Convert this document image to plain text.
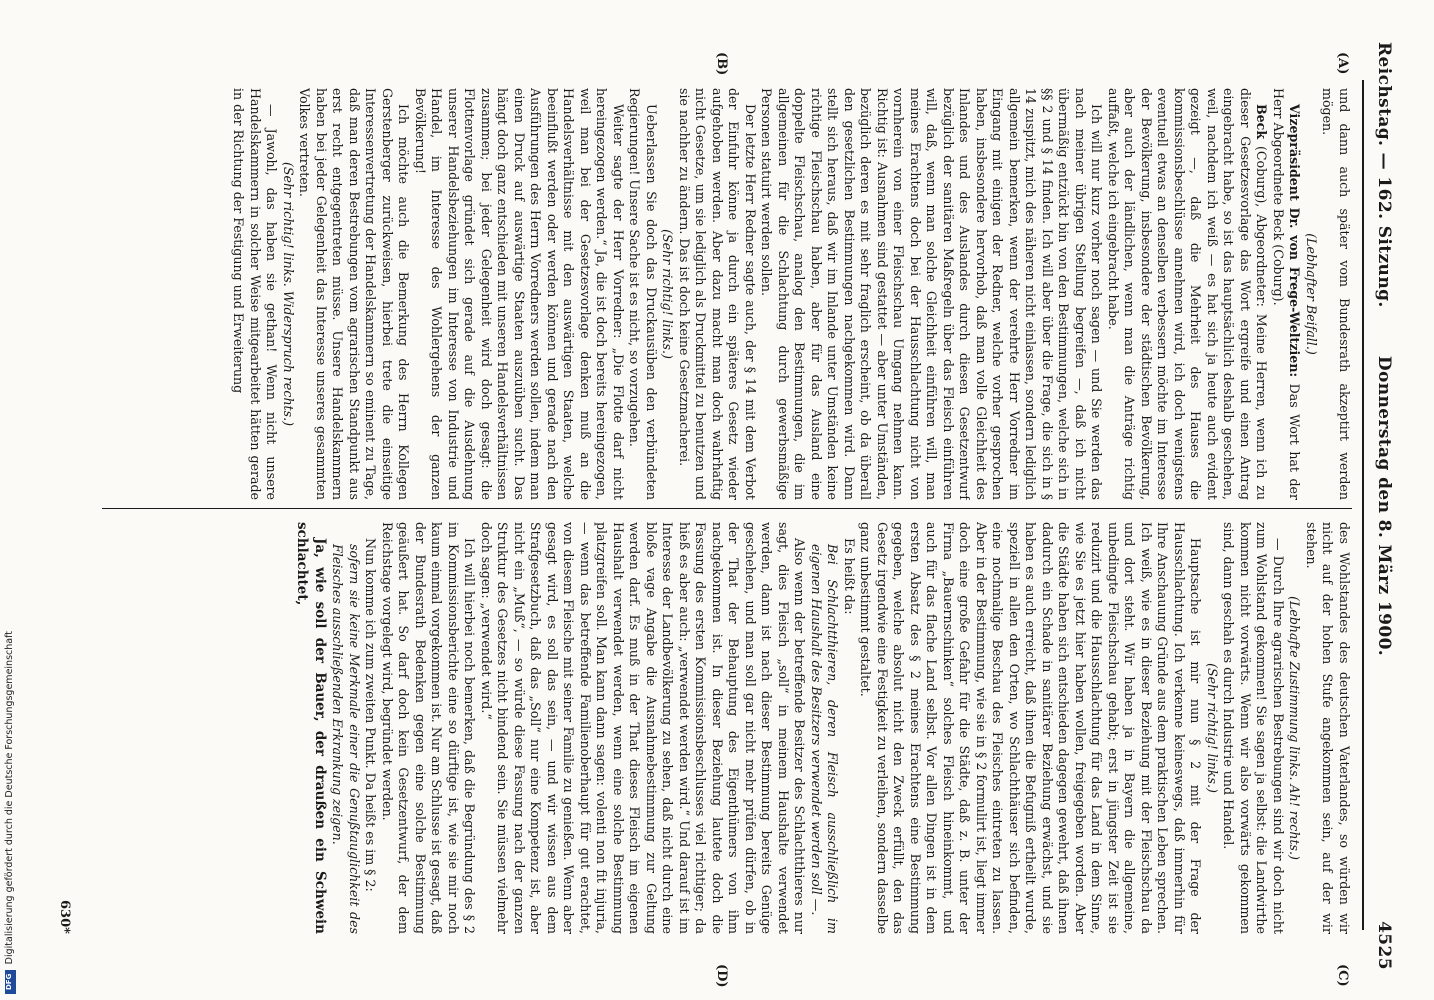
Reichstag. — 162. Sitzung.
Donnerstag den 8. März 1900.
4525
(A)
(B)
(C)
(D)

und dann auch später vom Bundesrath akzeptirt werden mögen.

(Lebhafter Beifall.)

Vizepräsident Dr. von Frege-Weltzien: Das Wort hat der Herr Abgeordnete Beck (Coburg).

Beck (Coburg), Abgeordneter: Meine Herren, wenn ich zu dieser Gesetzesvorlage das Wort ergreife und einen Antrag eingebracht habe, so ist das hauptsächlich deshalb geschehen, weil, nachdem ich weiß — es hat sich ja heute auch evident gezeigt —, daß die Mehrheit des Hauses die kommissionsbeschlüsse annehmen wird, ich doch wenigstens eventuell etwas an denselben verbessern möchte im Interesse der Bevölkerung, insbesondere der städtischen Bevölkerung, aber auch der ländlichen, wenn man die Anträge richtig auffaßt, welche ich eingebracht habe.

Ich will nur kurz vorher noch sagen — und Sie werden das nach meiner übrigen Stellung begreifen —, daß ich nicht übermäßig entzückt bin von den Bestimmungen, welche sich in §§ 2 und § 14 finden. Ich will aber über die Frage, die sich in § 14 zuspitzt, mich des näheren nicht einlassen, sondern lediglich allgemein bemerken, wenn der verehrte Herr Vorredner im Eingang mit einigen der Redner, welche vorher gesprochen haben, insbesondere hervorhob, daß man volle Gleichheit des Inlandes und des Auslandes durch diesen Gesetzentwurf bezüglich der sanitären Maßregeln über das Fleisch einführen will, daß, wenn man solche Gleichheit einführen will, man meines Erachtens doch bei der Hausschlachtung nicht von vornherein von einer Fleischschau Umgang nehmen kann. Richtig ist: Ausnahmen sind gestattet — aber unter Umständen, bezüglich deren es mit sehr fraglich erscheint, ob da überall den gesetzlichen Bestimmungen nachgekommen wird. Dann stellt sich heraus, daß wir im Inlande unter Umständen keine richtige Fleischschau haben, aber für das Ausland eine doppelte Fleischschau, analog den Bestimmungen, die im allgemeinen für die Schlachtung durch gewerbsmäßige Personen statuirt werden sollen.

Der letzte Herr Redner sagte auch, der § 14 mit dem Verbot der Einfuhr könne ja durch ein späteres Gesetz wieder aufgehoben werden. Aber dazu macht man doch wahrhaftig nicht Gesetze, um sie lediglich als Druckmittel zu benutzen und sie nachher zu ändern. Das ist doch keine Gesetzmacherei.

(Sehr richtig! links.)

Ueberlassen Sie doch das Druckausüben den verbündeten Regierungen! Unsere Sache ist es nicht, so vorzugehen.

Weiter sagte der Herr Vorredner: „Die Flotte darf nicht hereingezogen werden.“ Ja, die ist doch bereits hereingezogen, weil man bei der Gesetzesvorlage denken muß an die Handelsverhältnisse mit den auswärtigen Staaten, welche beeinflußt werden oder werden können und gerade nach den Ausführungen des Herrn Vorredners werden sollen, indem man einen Druck auf auswärtige Staaten auszuüben sucht. Das hängt doch ganz entschieden mit unseren Handelsverhältnissen zusammen; bei jeder Gelegenheit wird doch gesagt: die Flottenvorlage gründet sich gerade auf die Ausdehnung unserer Handelsbeziehungen im Interesse von Industrie und Handel, im Interesse des Wohlergehens der ganzen Bevölkerung!

Ich möchte auch die Bemerkung des Herrn Kollegen Gerstenberger zurückweisen, hierbei trete die einseitige Interessenvertretung der Handelskammern so eminent zu Tage, daß man deren Bestrebungen vom agrarischen Standpunkt aus erst recht entgegentreten müsse. Unsere Handelskammern haben bei jeder Gelegenheit das Interesse unseres gesammten Volkes vertreten.

(Sehr richtig! links. Widerspruch rechts.)

— Jawohl, das haben sie gethan! Wenn nicht unsere Handelskammern in solcher Weise mitgearbeitet hätten gerade in der Richtung der Festigung und Erweiterung

des Wohlstandes des deutschen Vaterlandes, so würden wir nicht auf der hohen Stufe angekommen sein, auf der wir stehen.

(Lebhafte Zustimmung links. Ah! rechts.)

— Durch Ihre agrarischen Bestrebungen sind wir doch nicht zum Wohlstand gekommen! Sie sagen ja selbst: die Landwirthe kommen nicht vorwärts. Wenn wir also vorwärts gekommen sind, dann geschah es durch Industrie und Handel.

(Sehr richtig! links.)

Hauptsache ist mir nun § 2 mit der Frage der Hausschlachtung. Ich verkenne keineswegs, daß immerhin für Ihre Anschauung Gründe aus dem praktischen Leben sprechen. Ich weiß, wie es in dieser Beziehung mit der Fleischschau da und dort steht. Wir haben ja in Bayern die allgemeine, unbedingte Fleischschau gehabt; erst in jüngster Zeit ist sie reduzirt und die Hausschlachtung für das Land in dem Sinne, wie Sie es jetzt hier haben wollen, freigegeben worden. Aber die Städte haben sich entschieden dagegen gewehrt, daß ihnen dadurch ein Schade in sanitärer Beziehung erwächst, und sie haben es auch erreicht, daß ihnen die Befugniß ertheilt wurde, speziell in allen den Orten, wo Schlachthäuser sich befinden, eine nochmalige Beschau des Fleisches eintreten zu lassen. Aber in der Bestimmung, wie sie in § 2 formulirt ist, liegt immer doch eine große Gefahr für die Städte, daß z. B. unter der Firma „Bauernschinken“ solches Fleisch hineinkommt, und auch für das flache Land selbst. Vor allen Dingen ist in dem ersten Absatz des § 2 meines Erachtens eine Bestimmung gegeben, welche absolut nicht den Zweck erfüllt, den das Gesetz irgendwie eine Festigkeit zu verleihen, sondern dasselbe ganz unbestimmt gestaltet.

Es heißt da:

Bei Schlachtthieren, deren Fleisch ausschließlich im eigenen Haushalt des Besitzers verwendet werden soll —.

Also wenn der betreffende Besitzer des Schlachtthieres nur sagt, dies Fleisch „soll“ in meinem Haushalte verwendet werden, dann ist nach dieser Bestimmung bereits Genüge geschehen, und man soll gar nicht mehr prüfen dürfen, ob in der That der Behauptung des Eigenthümers von ihm nachgekommen ist. In dieser Beziehung lautete doch die Fassung des ersten Kommissionsbeschlusses viel richtiger; da hieß es aber auch: „verwendet werden wird.“ Und darauf ist im Interesse der Landbevölkerung zu sehen, daß nicht durch eine bloße vage Angabe die Ausnahmebestimmung zur Geltung werden darf. Es muß in der That dieses Fleisch im eigenen Haushalt verwendet werden, wenn eine solche Bestimmung platzgreifen soll. Man kann dann sagen: volenti non fit injuria, — wenn das betreffende Familienoberhaupt für gut erachtet, von diesem Fleische mit seiner Familie zu genießen. Wenn aber gesagt wird, es soll das sein, — und wir wissen aus dem Strafgesetzbuch, daß das „Soll“ nur eine Kompetenz ist, aber nicht ein „Muß“, — so würde diese Fassung nach der ganzen Struktur des Gesetzes nicht bindend sein. Sie müssen vielmehr doch sagen: „verwendet wird.“

Ich will hierbei noch bemerken, daß die Begründung des § 2 im Kommissionsberichte eine so dürftige ist, wie sie mir noch kaum einmal vorgekommen ist. Nur am Schlusse ist gesagt, daß der Bundesrath Bedenken gegen eine solche Bestimmung geäußert hat. So darf doch kein Gesetzentwurf, der dem Reichstage vorgelegt wird, begründet werden.

Nun komme ich zum zweiten Punkt. Da heißt es im § 2:

sofern sie keine Merkmale einer die Genußtauglichkeit des Fleisches ausschließenden Erkrankung zeigen.

Ja, wie soll der Bauer, der draußen ein Schwein schlachtet,

630*
Digitalisierung gefördert durch die Deutsche Forschungsgemeinschaft
DFG
